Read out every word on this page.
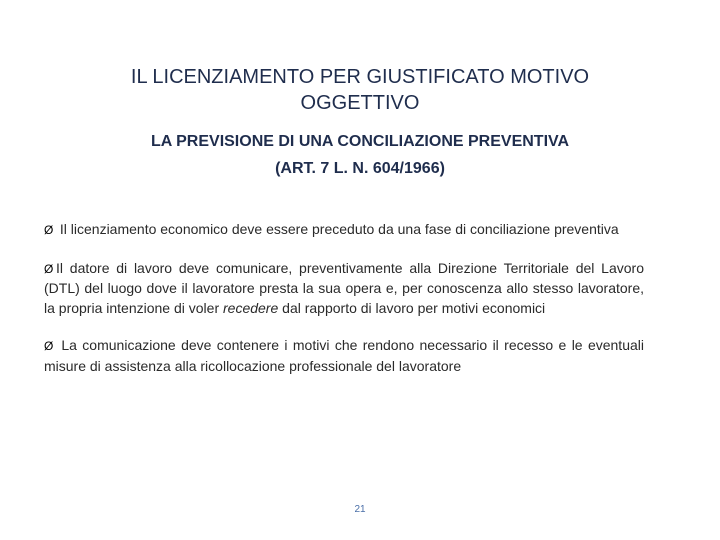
IL LICENZIAMENTO PER GIUSTIFICATO MOTIVO
OGGETTIVO
LA PREVISIONE DI UNA CONCILIAZIONE PREVENTIVA
(ART. 7 L. N. 604/1966)

Ø Il licenziamento economico deve essere preceduto da una fase di conciliazione preventiva

Ø Il datore di lavoro deve comunicare, preventivamente alla Direzione Territoriale del Lavoro (DTL) del luogo dove il lavoratore presta la sua opera e, per conoscenza allo stesso lavoratore, la propria intenzione di voler recedere dal rapporto di lavoro per motivi economici

Ø La comunicazione deve contenere i motivi che rendono necessario il recesso e le eventuali misure di assistenza alla ricollocazione professionale del lavoratore

21
